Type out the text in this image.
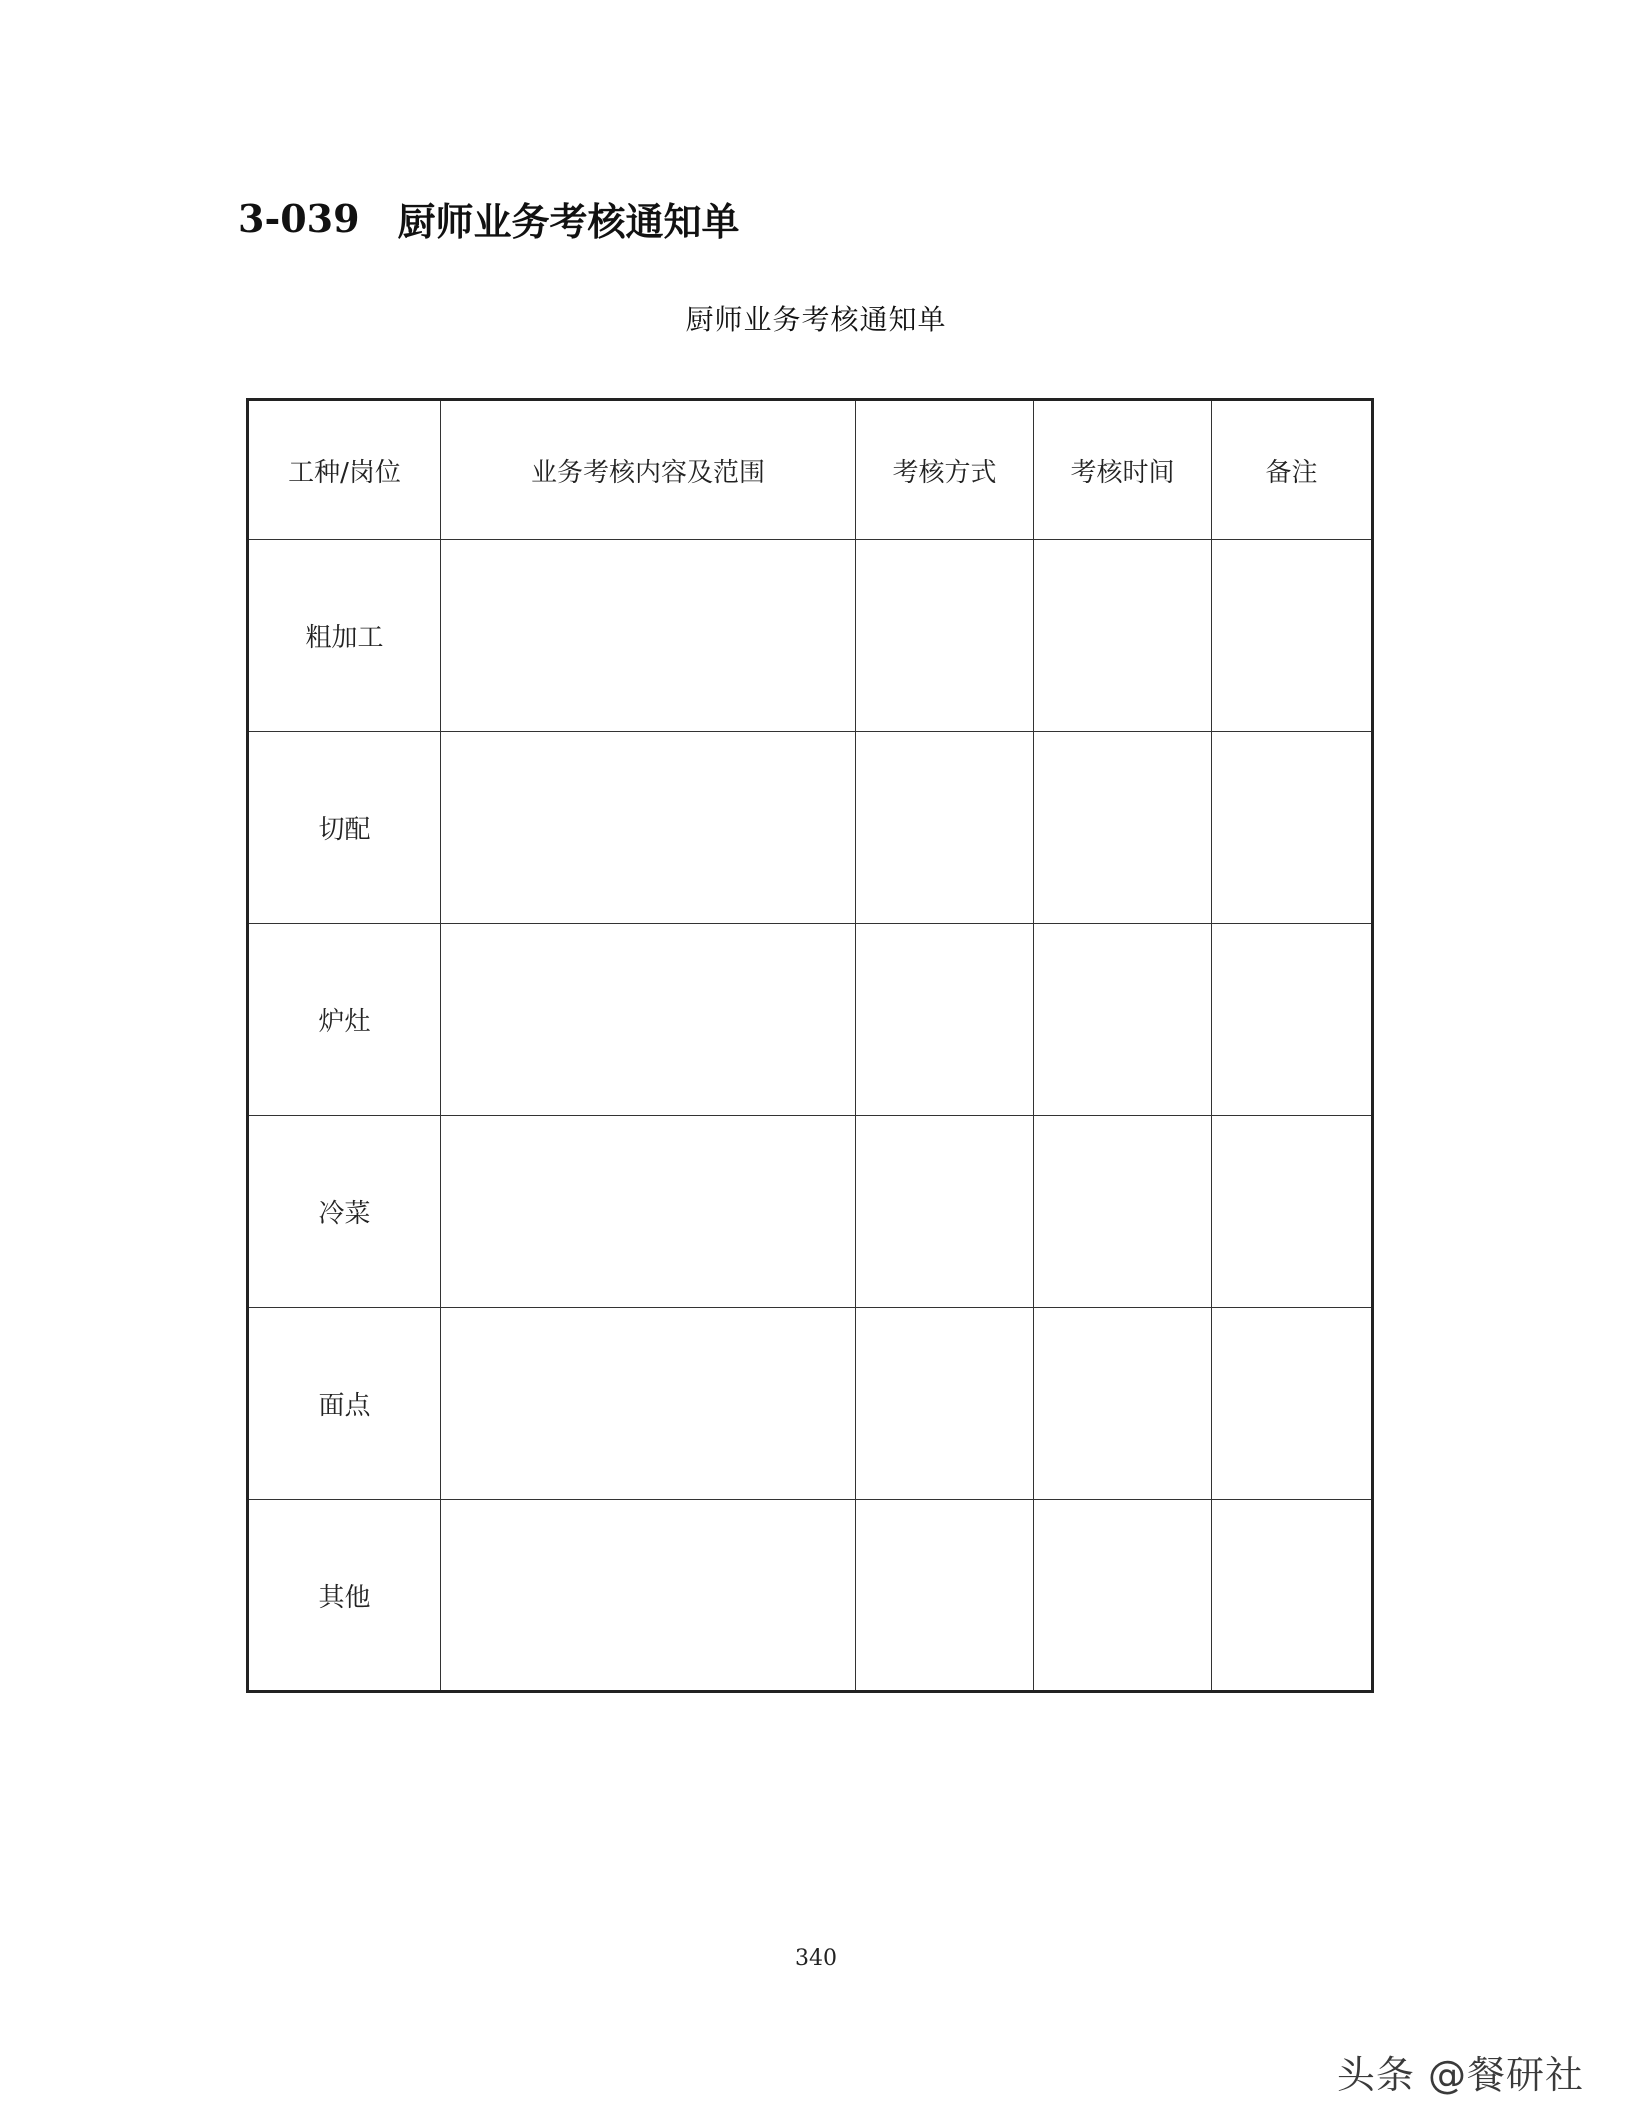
3-039 厨师业务考核通知单
厨师业务考核通知单
工种/岗位	业务考核内容及范围	考核方式	考核时间	备注
粗加工				
切配				
炉灶				
冷菜				
面点				
其他				
340
头条 @餐研社
